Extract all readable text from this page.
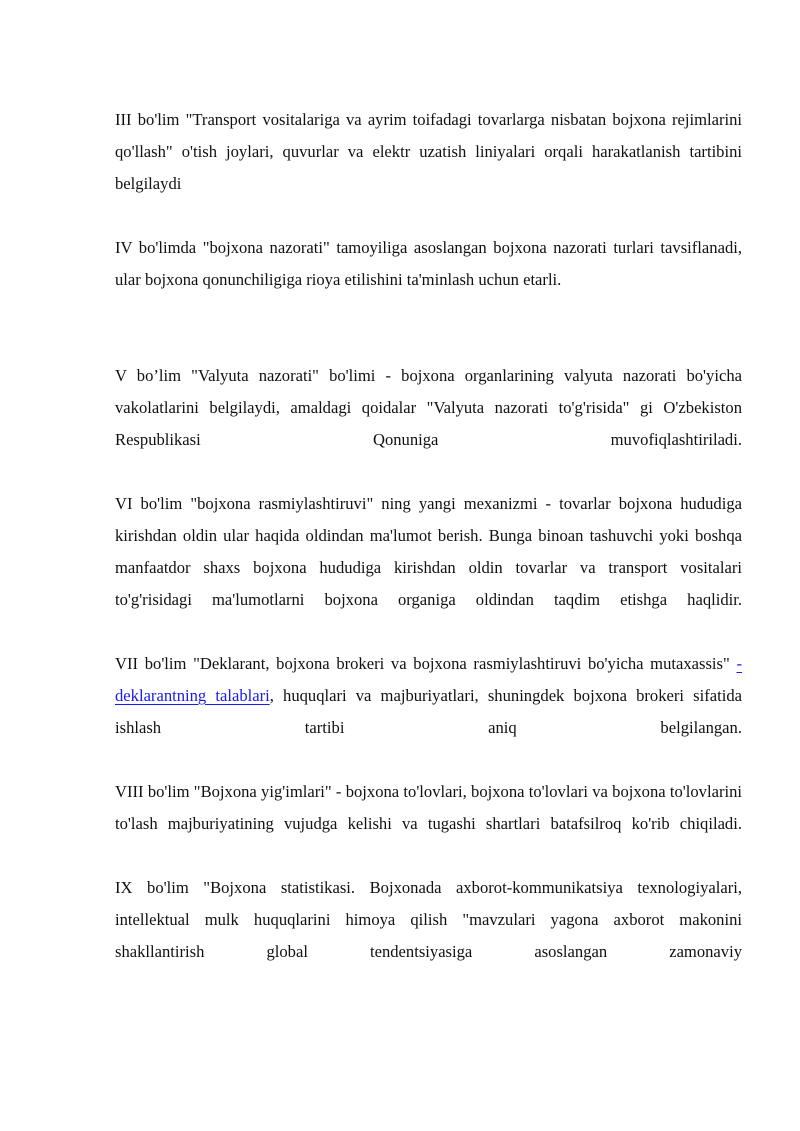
III bo'lim "Transport vositalariga va ayrim toifadagi tovarlarga nisbatan bojxona rejimlarini qo'llash" o'tish joylari, quvurlar va elektr uzatish liniyalari orqali harakatlanish tartibini belgilaydi

IV bo'limda "bojxona nazorati" tamoyiliga asoslangan bojxona nazorati turlari tavsiflanadi, ular bojxona qonunchiligiga rioya etilishini ta'minlash uchun etarli.

V bo’lim "Valyuta nazorati" bo'limi - bojxona organlarining valyuta nazorati bo'yicha vakolatlarini belgilaydi, amaldagi qoidalar "Valyuta nazorati to'g'risida" gi O'zbekiston Respublikasi Qonuniga muvofiqlashtiriladi.

VI bo'lim "bojxona rasmiylashtiruvi" ning yangi mexanizmi - tovarlar bojxona hududiga kirishdan oldin ular haqida oldindan ma'lumot berish. Bunga binoan tashuvchi yoki boshqa manfaatdor shaxs bojxona hududiga kirishdan oldin tovarlar va transport vositalari to'g'risidagi ma'lumotlarni bojxona organiga oldindan taqdim etishga haqlidir.

VII bo'lim "Deklarant, bojxona brokeri va bojxona rasmiylashtiruvi bo'yicha mutaxassis" - deklarantning talablari, huquqlari va majburiyatlari, shuningdek bojxona brokeri sifatida ishlash tartibi aniq belgilangan.

VIII bo'lim "Bojxona yig'imlari" - bojxona to'lovlari, bojxona to'lovlari va bojxona to'lovlarini to'lash majburiyatining vujudga kelishi va tugashi shartlari batafsilroq ko'rib chiqiladi.

IX bo'lim "Bojxona statistikasi. Bojxonada axborot-kommunikatsiya texnologiyalari, intellektual mulk huquqlarini himoya qilish "mavzulari yagona axborot makonini shakllantirish global tendentsiyasiga asoslangan zamonaviy
